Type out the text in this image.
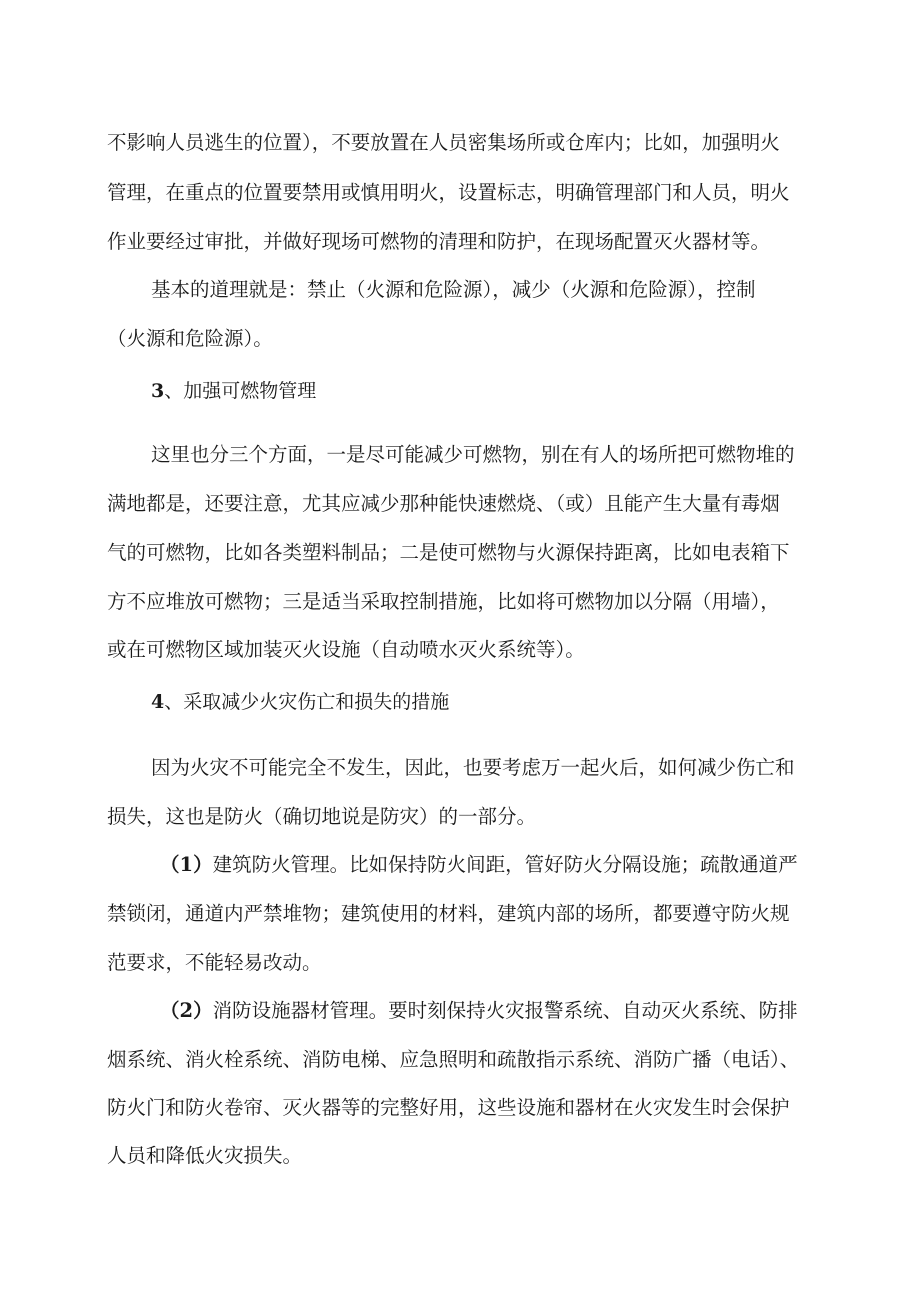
不影响人员逃生的位置），不要放置在人员密集场所或仓库内；比如，加强明火
管理，在重点的位置要禁用或慎用明火，设置标志，明确管理部门和人员，明火
作业要经过审批，并做好现场可燃物的清理和防护，在现场配置灭火器材等。
基本的道理就是：禁止（火源和危险源），减少（火源和危险源），控制
（火源和危险源）。
3、加强可燃物管理
这里也分三个方面，一是尽可能减少可燃物，别在有人的场所把可燃物堆的
满地都是，还要注意，尤其应减少那种能快速燃烧、（或）且能产生大量有毒烟
气的可燃物，比如各类塑料制品；二是使可燃物与火源保持距离，比如电表箱下
方不应堆放可燃物；三是适当采取控制措施，比如将可燃物加以分隔（用墙），
或在可燃物区域加装灭火设施（自动喷水灭火系统等）。
4、采取减少火灾伤亡和损失的措施
因为火灾不可能完全不发生，因此，也要考虑万一起火后，如何减少伤亡和
损失，这也是防火（确切地说是防灾）的一部分。
（1）建筑防火管理。比如保持防火间距，管好防火分隔设施；疏散通道严
禁锁闭，通道内严禁堆物；建筑使用的材料，建筑内部的场所，都要遵守防火规
范要求，不能轻易改动。
（2）消防设施器材管理。要时刻保持火灾报警系统、自动灭火系统、防排
烟系统、消火栓系统、消防电梯、应急照明和疏散指示系统、消防广播（电话）、
防火门和防火卷帘、灭火器等的完整好用，这些设施和器材在火灾发生时会保护
人员和降低火灾损失。
